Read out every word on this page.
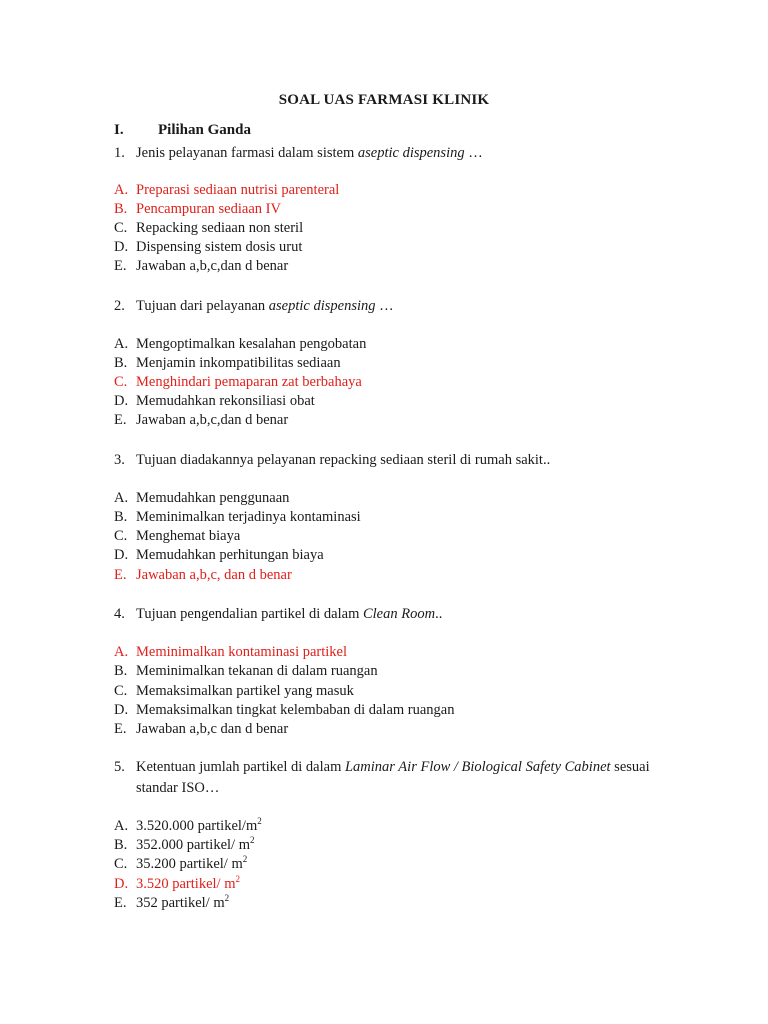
SOAL UAS FARMASI KLINIK
I. Pilihan Ganda
1. Jenis pelayanan farmasi dalam sistem aseptic dispensing …
A. Preparasi sediaan nutrisi parenteral
B. Pencampuran sediaan IV
C. Repacking sediaan non steril
D. Dispensing sistem dosis urut
E. Jawaban a,b,c,dan d benar
2. Tujuan dari pelayanan aseptic dispensing …
A. Mengoptimalkan kesalahan pengobatan
B. Menjamin inkompatibilitas sediaan
C. Menghindari pemaparan zat berbahaya
D. Memudahkan rekonsiliasi obat
E. Jawaban a,b,c,dan d benar
3. Tujuan diadakannya pelayanan repacking sediaan steril di rumah sakit..
A. Memudahkan penggunaan
B. Meminimalkan terjadinya kontaminasi
C. Menghemat biaya
D. Memudahkan perhitungan biaya
E. Jawaban a,b,c, dan d benar
4. Tujuan pengendalian partikel di dalam Clean Room..
A. Meminimalkan kontaminasi partikel
B. Meminimalkan tekanan di dalam ruangan
C. Memaksimalkan partikel yang masuk
D. Memaksimalkan tingkat kelembaban di dalam ruangan
E. Jawaban a,b,c dan d benar
5. Ketentuan jumlah partikel di dalam Laminar Air Flow / Biological Safety Cabinet sesuai
standar ISO…
A. 3.520.000 partikel/$m^2$
B. 352.000 partikel/ $m^2$
C. 35.200 partikel/ $m^2$
D. 3.520 partikel/ $m^2$
E. 352 partikel/ $m^2$
